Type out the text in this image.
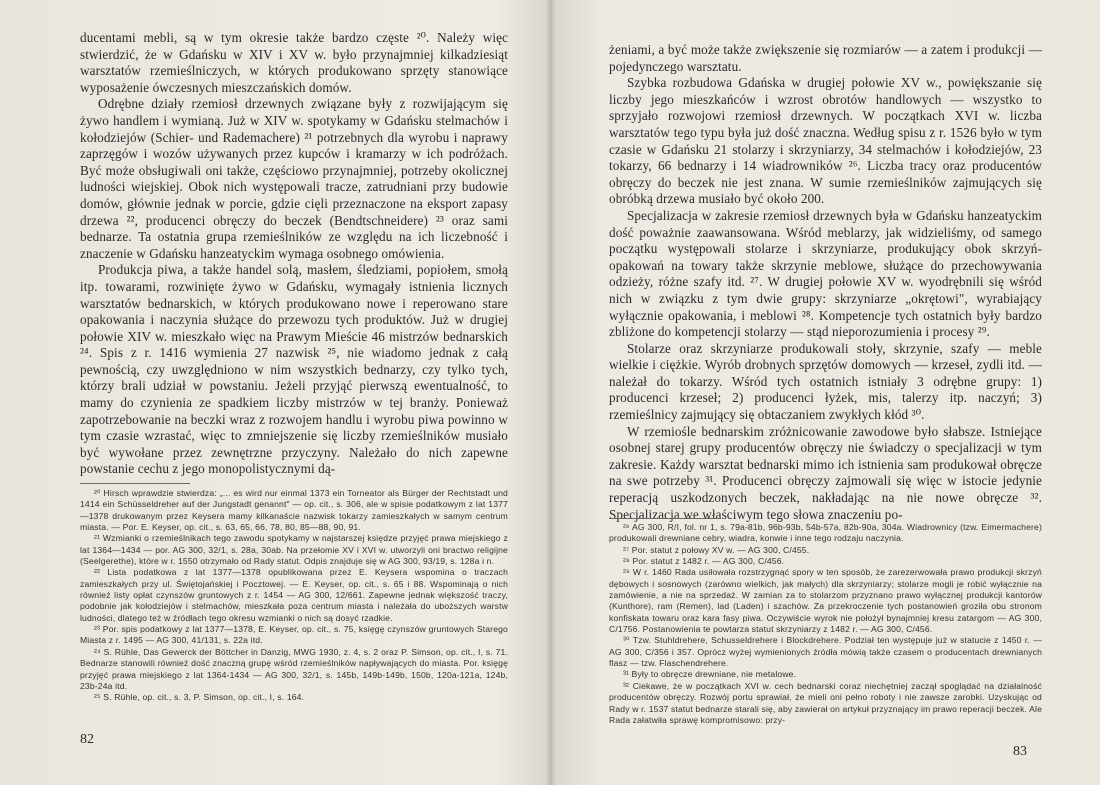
ducentami mebli, są w tym okresie także bardzo częste ²⁰. Należy więc stwierdzić, że w Gdańsku w XIV i XV w. było przynajmniej kilkadziesiąt warsztatów rzemieślniczych, w których produkowano sprzęty stanowiące wyposażenie ówczesnych mieszczańskich domów.

Odrębne działy rzemiosł drzewnych związane były z rozwijającym się żywo handlem i wymianą. Już w XIV w. spotykamy w Gdańsku stelmachów i kołodziejów (Schier- und Rademachere) ²¹ potrzebnych dla wyrobu i naprawy zaprzęgów i wozów używanych przez kupców i kramarzy w ich podróżach. Być może obsługiwali oni także, częściowo przynajmniej, potrzeby okolicznej ludności wiejskiej. Obok nich występowali tracze, zatrudniani przy budowie domów, głównie jednak w porcie, gdzie cięli przeznaczone na eksport zapasy drzewa ²², producenci obręczy do beczek (Bendtschneidere) ²³ oraz sami bednarze. Ta ostatnia grupa rzemieślników ze względu na ich liczebność i znaczenie w Gdańsku hanzeatyckim wymaga osobnego omówienia.

Produkcja piwa, a także handel solą, masłem, śledziami, popiołem, smołą itp. towarami, rozwinięte żywo w Gdańsku, wymagały istnienia licznych warsztatów bednarskich, w których produkowano nowe i reperowano stare opakowania i naczynia służące do przewozu tych produktów. Już w drugiej połowie XIV w. mieszkało więc na Prawym Mieście 46 mistrzów bednarskich ²⁴. Spis z r. 1416 wymienia 27 nazwisk ²⁵, nie wiadomo jednak z całą pewnością, czy uwzględniono w nim wszystkich bednarzy, czy tylko tych, którzy brali udział w powstaniu. Jeżeli przyjąć pierwszą ewentualność, to mamy do czynienia ze spadkiem liczby mistrzów w tej branży. Ponieważ zapotrzebowanie na beczki wraz z rozwojem handlu i wyrobu piwa powinno w tym czasie wzrastać, więc to zmniejszenie się liczby rzemieślników musiało być wywołane przez zewnętrzne przyczyny. Należało do nich zapewne powstanie cechu z jego monopolistycznymi dą-

²⁰ Hirsch wprawdzie stwierdza: „... es wird nur einmal 1373 ein Torneator als Bürger der Rechtstadt und 1414 ein Schüsseldreher auf der Jungstadt genannt" — op. cit., s. 306, ale w spisie podatkowym z lat 1377—1378 drukowanym przez Keysera mamy kilkanaście nazwisk tokarzy zamieszkałych w samym centrum miasta. — Por. E. Keyser, op. cit., s. 63, 65, 66, 78, 80, 85—88, 90, 91.

²¹ Wzmianki o rzemieślnikach tego zawodu spotykamy w najstarszej księdze przyjęć prawa miejskiego z lat 1364—1434 — por. AG 300, 32/1, s. 28a, 30ab. Na przełomie XV i XVI w. utworzyli oni bractwo religijne (Seelgerethe), które w r. 1550 otrzymało od Rady statut. Odpis znajduje się w AG 300, 93/19, s. 128a i n.

²² Lista podatkowa z lat 1377—1378 opublikowana przez E. Keysera wspomina o traczach zamieszkałych przy ul. Świętojańskiej i Pocztowej. — E. Keyser, op. cit., s. 65 i 88. Wspominają o nich również listy opłat czynszów gruntowych z r. 1454 — AG 300, 12/661. Zapewne jednak większość traczy, podobnie jak kołodziejów i stelmachów, mieszkała poza centrum miasta i należała do uboższych warstw ludności, dlatego też w źródłach tego okresu wzmianki o nich są dosyć rzadkie.

²³ Por. spis podatkowy z lat 1377—1378, E. Keyser, op. cit., s. 75, księgę czynszów gruntowych Starego Miasta z r. 1495 — AG 300, 41/131, s. 22a itd.

²⁴ S. Rühle, Das Gewerck der Böttcher in Danzig, MWG 1930, z. 4, s. 2 oraz P. Simson, op. cit., I, s. 71. Bednarze stanowili również dość znaczną grupę wśród rzemieślników napływających do miasta. Por. księgę przyjęć prawa miejskiego z lat 1364-1434 — AG 300, 32/1, s. 145b, 149b-149b, 150b, 120a-121a, 124b, 23b-24a itd.

²⁵ S. Rühle, op. cit., s. 3, P. Simson, op. cit., I, s. 164.

82

żeniami, a być może także zwiększenie się rozmiarów — a zatem i produkcji — pojedynczego warsztatu.

Szybka rozbudowa Gdańska w drugiej połowie XV w., powiększanie się liczby jego mieszkańców i wzrost obrotów handlowych — wszystko to sprzyjało rozwojowi rzemiosł drzewnych. W początkach XVI w. liczba warsztatów tego typu była już dość znaczna. Według spisu z r. 1526 było w tym czasie w Gdańsku 21 stolarzy i skrzyniarzy, 34 stelmachów i kołodziejów, 23 tokarzy, 66 bednarzy i 14 wiadrowników ²⁶. Liczba tracy oraz producentów obręczy do beczek nie jest znana. W sumie rzemieślników zajmujących się obróbką drzewa musiało być około 200.

Specjalizacja w zakresie rzemiosł drzewnych była w Gdańsku hanzeatyckim dość poważnie zaawansowana. Wśród meblarzy, jak widzieliśmy, od samego początku występowali stolarze i skrzyniarze, produkujący obok skrzyń-opakowań na towary także skrzynie meblowe, służące do przechowywania odzieży, różne szafy itd. ²⁷. W drugiej połowie XV w. wyodrębnili się wśród nich w związku z tym dwie grupy: skrzyniarze „okrętowi", wyrabiający wyłącznie opakowania, i meblowi ²⁸. Kompetencje tych ostatnich były bardzo zbliżone do kompetencji stolarzy — stąd nieporozumienia i procesy ²⁹.

Stolarze oraz skrzyniarze produkowali stoły, skrzynie, szafy — meble wielkie i ciężkie. Wyrób drobnych sprzętów domowych — krzeseł, zydli itd. — należał do tokarzy. Wśród tych ostatnich istniały 3 odrębne grupy: 1) producenci krzeseł; 2) producenci łyżek, mis, talerzy itp. naczyń; 3) rzemieślnicy zajmujący się obtaczaniem zwykłych kłód ³⁰.

W rzemiośle bednarskim zróżnicowanie zawodowe było słabsze. Istniejące osobnej starej grupy producentów obręczy nie świadczy o specjalizacji w tym zakresie. Każdy warsztat bednarski mimo ich istnienia sam produkował obręcze na swe potrzeby ³¹. Producenci obręczy zajmowali się więc w istocie jedynie reperacją uszkodzonych beczek, nakładając na nie nowe obręcze ³². Specjalizacja we właściwym tego słowa znaczeniu po-

²⁶ AG 300, R/I, fol. nr 1, s. 79a-81b, 96b-93b, 54b-57a, 82b-90a, 304a. Wiadrownicy (tzw. Eimermachere) produkowali drewniane cebry, wiadra, konwie i inne tego rodzaju naczynia.

²⁷ Por. statut z połowy XV w. — AG 300, C/455.

²⁸ Por. statut z 1482 r. — AG 300, C/456.

²⁹ W r. 1460 Rada usiłowała rozstrzygnąć spory w ten sposób, że zarezerwowała prawo produkcji skrzyń dębowych i sosnowych (zarówno wielkich, jak małych) dla skrzyniarzy; stolarze mogli je robić wyłącznie na zamówienie, a nie na sprzedaż. W zamian za to stolarzom przyznano prawo wyłącznej produkcji kantorów (Kunthore), ram (Remen), lad (Laden) i szachów. Za przekroczenie tych postanowień groziła obu stronom konfiskata towaru oraz kara fasy piwa. Oczywiście wyrok nie położył bynajmniej kresu zatargom — AG 300, C/1756. Postanowienia te powtarza statut skrzyniarzy z 1482 r. — AG 300, C/456.

³⁰ Tzw. Stuhldrehere, Schusseldrehere i Blockdrehere. Podział ten występuje już w statucie z 1450 r. — AG 300, C/356 i 357. Oprócz wyżej wymienionych źródła mówią także czasem o producentach drewnianych flasz — tzw. Flaschendrehere.

³¹ Były to obręcze drewniane, nie metalowe.

³² Ciekawe, że w początkach XVI w. cech bednarski coraz niechętniej zaczął spoglądać na działalność producentów obręczy. Rozwój portu sprawiał, że mieli oni pełno roboty i nie zawsze zarobki. Uzyskując od Rady w r. 1537 statut bednarze starali się, aby zawierał on artykuł przyznający im prawo reperacji beczek. Ale Rada załatwiła sprawę kompromisowo: przy-

83
